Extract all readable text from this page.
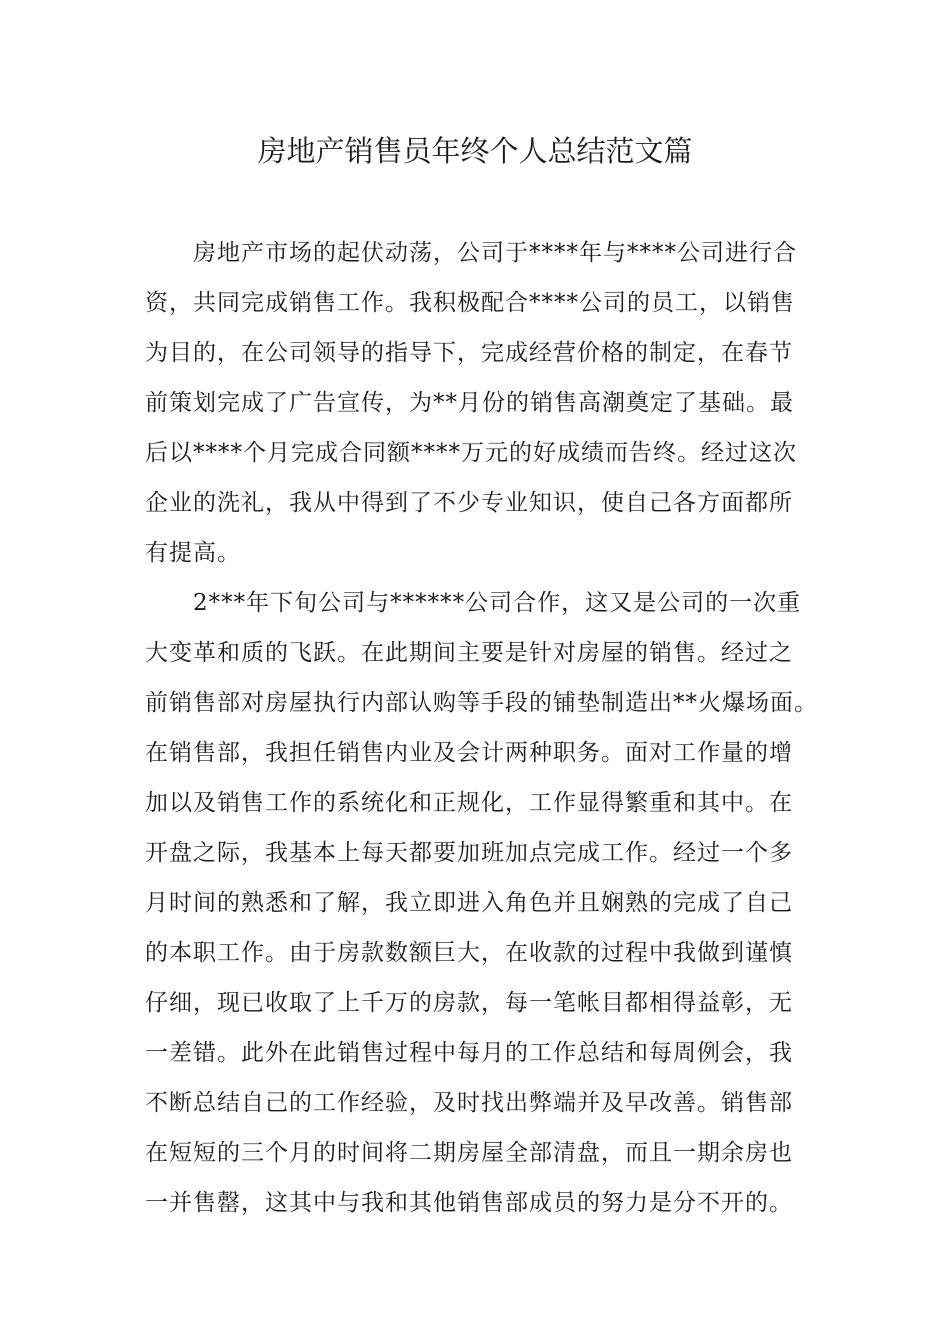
房地产销售员年终个人总结范文篇

房地产市场的起伏动荡，公司于****年与****公司进行合
资，共同完成销售工作。我积极配合****公司的员工，以销售
为目的，在公司领导的指导下，完成经营价格的制定，在春节
前策划完成了广告宣传，为**月份的销售高潮奠定了基础。最
后以****个月完成合同额****万元的好成绩而告终。经过这次
企业的洗礼，我从中得到了不少专业知识，使自己各方面都所
有提高。

2***年下旬公司与******公司合作，这又是公司的一次重
大变革和质的飞跃。在此期间主要是针对房屋的销售。经过之
前销售部对房屋执行内部认购等手段的铺垫制造出**火爆场面。
在销售部，我担任销售内业及会计两种职务。面对工作量的增
加以及销售工作的系统化和正规化，工作显得繁重和其中。在
开盘之际，我基本上每天都要加班加点完成工作。经过一个多
月时间的熟悉和了解，我立即进入角色并且娴熟的完成了自己
的本职工作。由于房款数额巨大，在收款的过程中我做到谨慎
仔细，现已收取了上千万的房款，每一笔帐目都相得益彰，无
一差错。此外在此销售过程中每月的工作总结和每周例会，我
不断总结自己的工作经验，及时找出弊端并及早改善。销售部
在短短的三个月的时间将二期房屋全部清盘，而且一期余房也
一并售罄，这其中与我和其他销售部成员的努力是分不开的。
